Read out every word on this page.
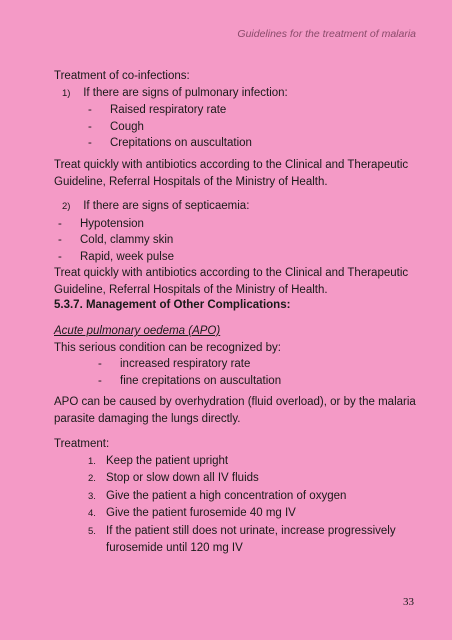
Guidelines for the treatment of malaria
Treatment of co-infections:
1) If there are signs of pulmonary infection:
- Raised respiratory rate
- Cough
- Crepitations on auscultation
Treat quickly with antibiotics according to the Clinical and Therapeutic
Guideline, Referral Hospitals of the Ministry of Health.
2) If there are signs of septicaemia:
- Hypotension
- Cold, clammy skin
- Rapid, week pulse
Treat quickly with antibiotics according to the Clinical and Therapeutic
Guideline, Referral Hospitals of the Ministry of Health.
5.3.7. Management of Other Complications:
Acute pulmonary oedema (APO)
This serious condition can be recognized by:
- increased respiratory rate
- fine crepitations on auscultation
APO can be caused by overhydration (fluid overload), or by the malaria
parasite damaging the lungs directly.
Treatment:
1. Keep the patient upright
2. Stop or slow down all IV fluids
3. Give the patient a high concentration of oxygen
4. Give the patient furosemide 40 mg IV
5. If the patient still does not urinate, increase progressively
furosemide until 120 mg IV
33
